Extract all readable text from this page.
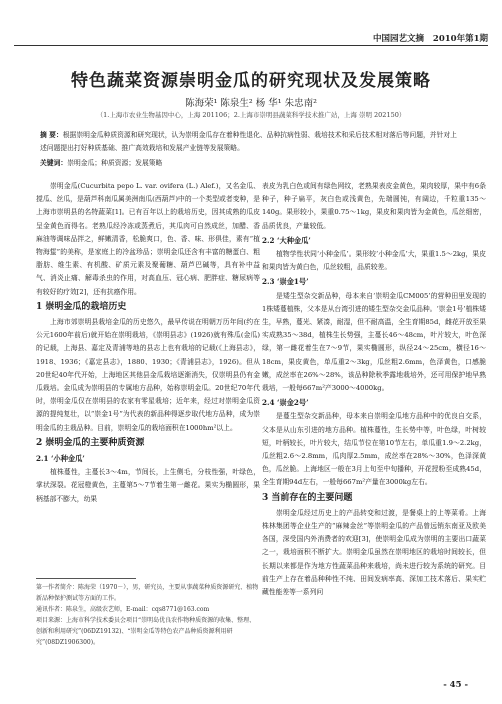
中国园艺文摘 2010年第1期
特色蔬菜资源崇明金瓜的研究现状及发展策略
陈海荣¹ 陈泉生² 杨 华¹ 朱忠南²
（1.上海市农业生物基因中心，上海 201106；2.上海市崇明县蔬菜科学技术推广站，上海 崇明 202150）
摘 要：根据崇明金瓜种质资源和研究现状，认为崇明金瓜存在着种性退化、品种抗病性弱、栽培技术和采后技术相对落后等问题，并针对上述问题提出打好种质基础、推广高效栽培和发展产业链等发展策略。
关键词：崇明金瓜；种质资源；发展策略

崇明金瓜(Cucurbita pepo L. var. ovifera (L.) Alef.)，又名金瓜、搅瓜、丝瓜，是葫芦科南瓜属美洲南瓜(西葫芦)中的一个类型或者变种，是上海市崇明县的名特蔬菜[1]。已有百年以上的栽培历史，因其成熟的瓜皮呈金黄色而得名。老熟瓜经冷冻或蒸煮后，其瓜肉可自然成丝，加醋、香麻油等调味品拌之，鲜嫩清香，松脆爽口，色、香、味、形俱佳，素有“植物海蜇”的美称，是家庭上的冷盆珍品；崇明金瓜还含有丰富的糖蛋白、粗脂肪、维生素、有机酸、矿质元素及聚葡糖、葫芦巴碱等，具有补中益气、消炎止痛、解毒杀虫的作用，对高血压、冠心病、肥胖症、糖尿病等有较好的疗效[2]，还有抗癌作用。

1 崇明金瓜的栽培历史

上海市郊崇明县栽培金瓜的历史悠久，最早传说在明朝万历年间(约在公元1600年前后)就开始在崇明栽培，《崇明县志》(1926)就有殊瓜(金瓜)的记载，上海县、嘉定及青浦等地的县志上也有栽培的记载(《上海县志》，1918、1936；《嘉定县志》，1880、1930；《青浦县志》，1926)。但从20世纪40年代开始，上海地区其他县金瓜栽培逐渐消失，仅崇明县仍有金瓜栽培。金瓜成为崇明县的专属地方品种，始称崇明金瓜。20世纪70年代时，崇明金瓜仅在崇明县的农家有零星栽培；近年来，经过对崇明金瓜资源的提纯复壮，以“崇金1号”为代表的新品种得逐步取代地方品种，成为崇明金瓜的主栽品种。目前，崇明金瓜的栽培面积在1000hm²以上。

2 崇明金瓜的主要种质资源
2.1 ‘小种金瓜’

植株蔓性，主蔓长3～4m，节间长，上生侧毛，分枝性强，叶绿色，掌状深裂。花冠橙黄色，主蔓第5～7节着生第一雌花。果实为椭圆形，果柄基部不膨大，幼果

表皮为乳白色或间有绿色网纹，老熟果表皮金黄色，果肉较厚，果中有6条种子，种子扁平，灰白色或浅黄色，先端圆钝，有阔边，千粒重135～140g。果形较小，果重0.75～1kg，果皮和果肉皆为金黄色，瓜丝细密，品质优良，产量较低。

2.2 ‘大种金瓜’

植物学性状同‘小种金瓜’。果形较‘小种金瓜’大，果重1.5～2kg，果皮和果肉皆为黄白色，瓜丝较粗，品质较差。

2.3 ‘崇金1号’

是矮生型杂交新品种，母本来自‘崇明金瓜CM005’的营种田里发现的1株矮蔓植株，父本是从台湾引进的矮生型杂交金瓜品种。‘崇金1号’植株矮生，早熟，蔓光、紧凑，耐湿，但不耐高温，全生育期85d，雌花开放至果实成熟35～38d，植株生长势强，主蔓长46～48cm，叶片较大，叶色深绿，第一雌花着生在7～9节，果实椭圆形，纵径24～25cm，横径16～18cm，果皮黄色，单瓜重2～3kg，瓜丝粗2.6mm，色泽黄色，口感脆嫩，成丝率在26%～28%，该品种除秋季露地栽培外，还可用保护地早熟栽培，一般每667m²产3000～4000kg。

2.4 ‘崇金2号’

是蔓生型杂交新品种，母本来自崇明金瓜地方品种中的优良自交系，父本是从山东引进的地方品种。植株蔓性，生长势中等，叶色绿，叶树较短，叶柄较长，叶片较大，结瓜节位在第10节左右，单瓜重1.9～2.2kg，瓜丝粗2.6～2.8mm，瓜肉厚2.5mm，成丝率在28%～30%，色泽深黄色，瓜丝脆。上海地区一般在3月上旬至中旬播种，开花授粉至成熟45d，全生育期94d左右，一般每667m²产量在3000kg左右。

3 当前存在的主要问题

崇明金瓜经过历史上的产品转变和过渡，是餐桌上的上等菜肴。上海株林集团等企业生产的“麻辣金丝”等崇明金瓜的产品曾远销东南亚及欧美各国，深受国内外消费者的欢迎[3]，使崇明金瓜成为崇明的主要出口蔬菜之一，栽培面积不断扩大。崇明金瓜虽然在崇明地区的栽培时间较长，但长期以来都是作为地方性蔬菜品种来栽培，尚未进行较为系统的研究。目前生产上存在着品种种性不纯、田间发病率高、深加工技术落后、果实贮藏性能差等一系列问

第一作者简介：陈海荣（1970－），男，研究员，主要从事蔬菜种质资源研究、植物新品种保护测试等方面的工作。
通讯作者：陈泉生，高级农艺师，E-mail：cqs8771@163.com
项目来源：上海市科学技术委员会项目“崇明岛优良农作物种质资源的收集、整理、创新和利用研究”(06DZ19132)、“崇明金瓜等特色农产品种质资源利用研究”(08DZ1906300)。
- 45 -
